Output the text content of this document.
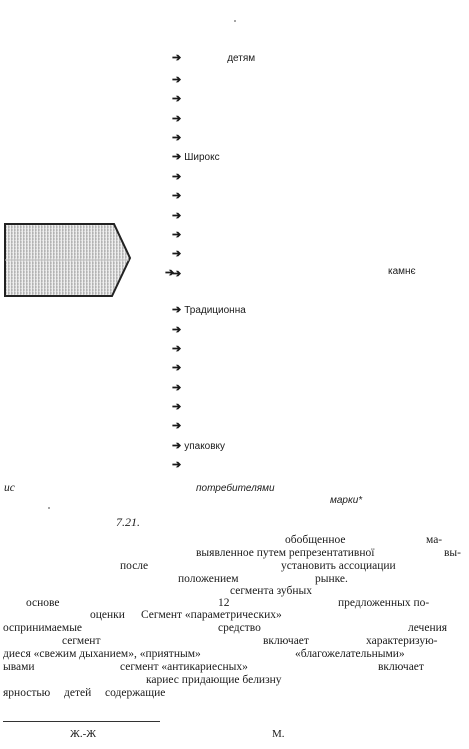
➔	детям
➔
➔
➔
➔
➔ Широкс
➔
➔
➔
➔
➔
➔
➔
➔ Традиционна
➔
➔
➔
➔
➔
➔
➔ упаковку
➔
камнє
ис	потребителями
марки*
7.21.
обобщенное	ма-
выявленное путем репрезентативної	вы-
после	установить ассоциации
положением	рынке.
сегмента зубных
основе	12	предложенных по-
оценки Сегмент «параметрических»
оспринимаемые	средство	лечения
сегмент	включает	характеризую-
диеся «свежим дыханием», «приятным»	«благожелательными»
ывами	сегмент «антикариесных»	включает
кариес придающие белизну
ярностью детей содержащие
Ж.-Ж	М.
